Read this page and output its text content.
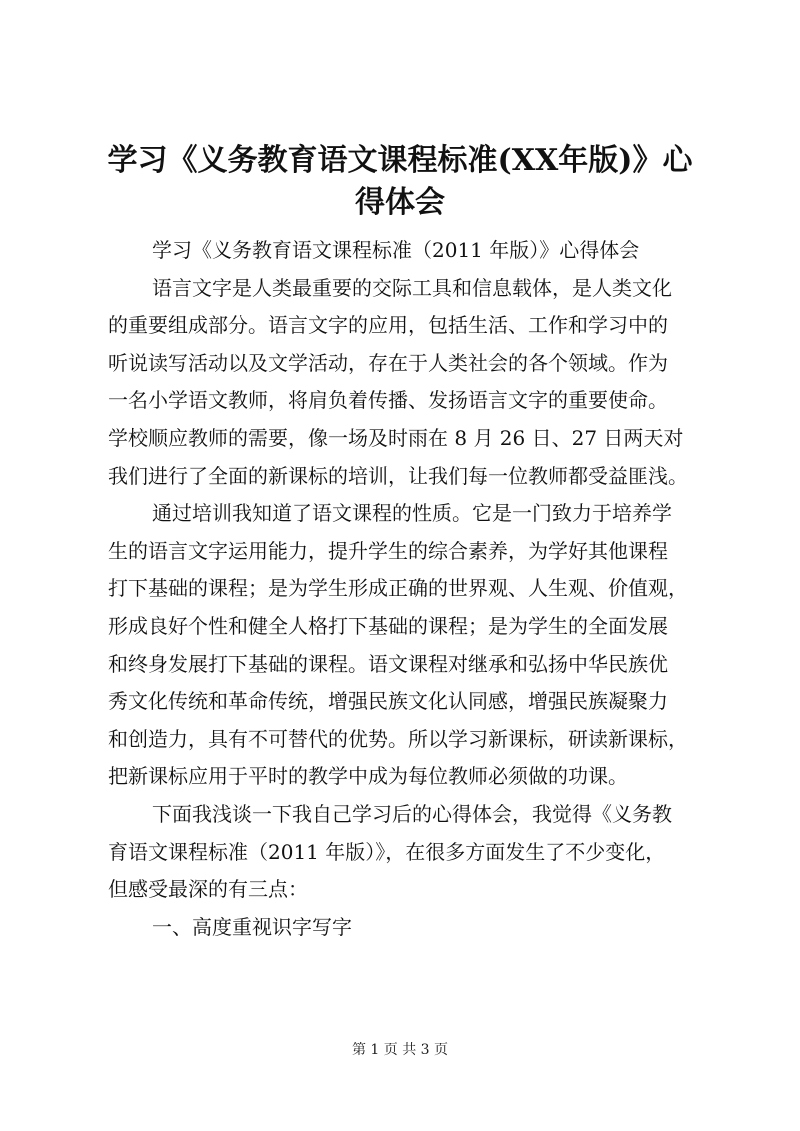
学习《义务教育语文课程标准(XX年版)》心
得体会
学习《义务教育语文课程标准（2011 年版）》心得体会
语言文字是人类最重要的交际工具和信息载体，是人类文化
的重要组成部分。语言文字的应用，包括生活、工作和学习中的
听说读写活动以及文学活动，存在于人类社会的各个领域。作为
一名小学语文教师，将肩负着传播、发扬语言文字的重要使命。
学校顺应教师的需要，像一场及时雨在 8 月 26 日、27 日两天对
我们进行了全面的新课标的培训，让我们每一位教师都受益匪浅。
通过培训我知道了语文课程的性质。它是一门致力于培养学
生的语言文字运用能力，提升学生的综合素养，为学好其他课程
打下基础的课程；是为学生形成正确的世界观、人生观、价值观，
形成良好个性和健全人格打下基础的课程；是为学生的全面发展
和终身发展打下基础的课程。语文课程对继承和弘扬中华民族优
秀文化传统和革命传统，增强民族文化认同感，增强民族凝聚力
和创造力，具有不可替代的优势。所以学习新课标，研读新课标，
把新课标应用于平时的教学中成为每位教师必须做的功课。
下面我浅谈一下我自己学习后的心得体会，我觉得《义务教
育语文课程标准（2011 年版）》，在很多方面发生了不少变化，
但感受最深的有三点：
一、高度重视识字写字
第 1 页 共 3 页
